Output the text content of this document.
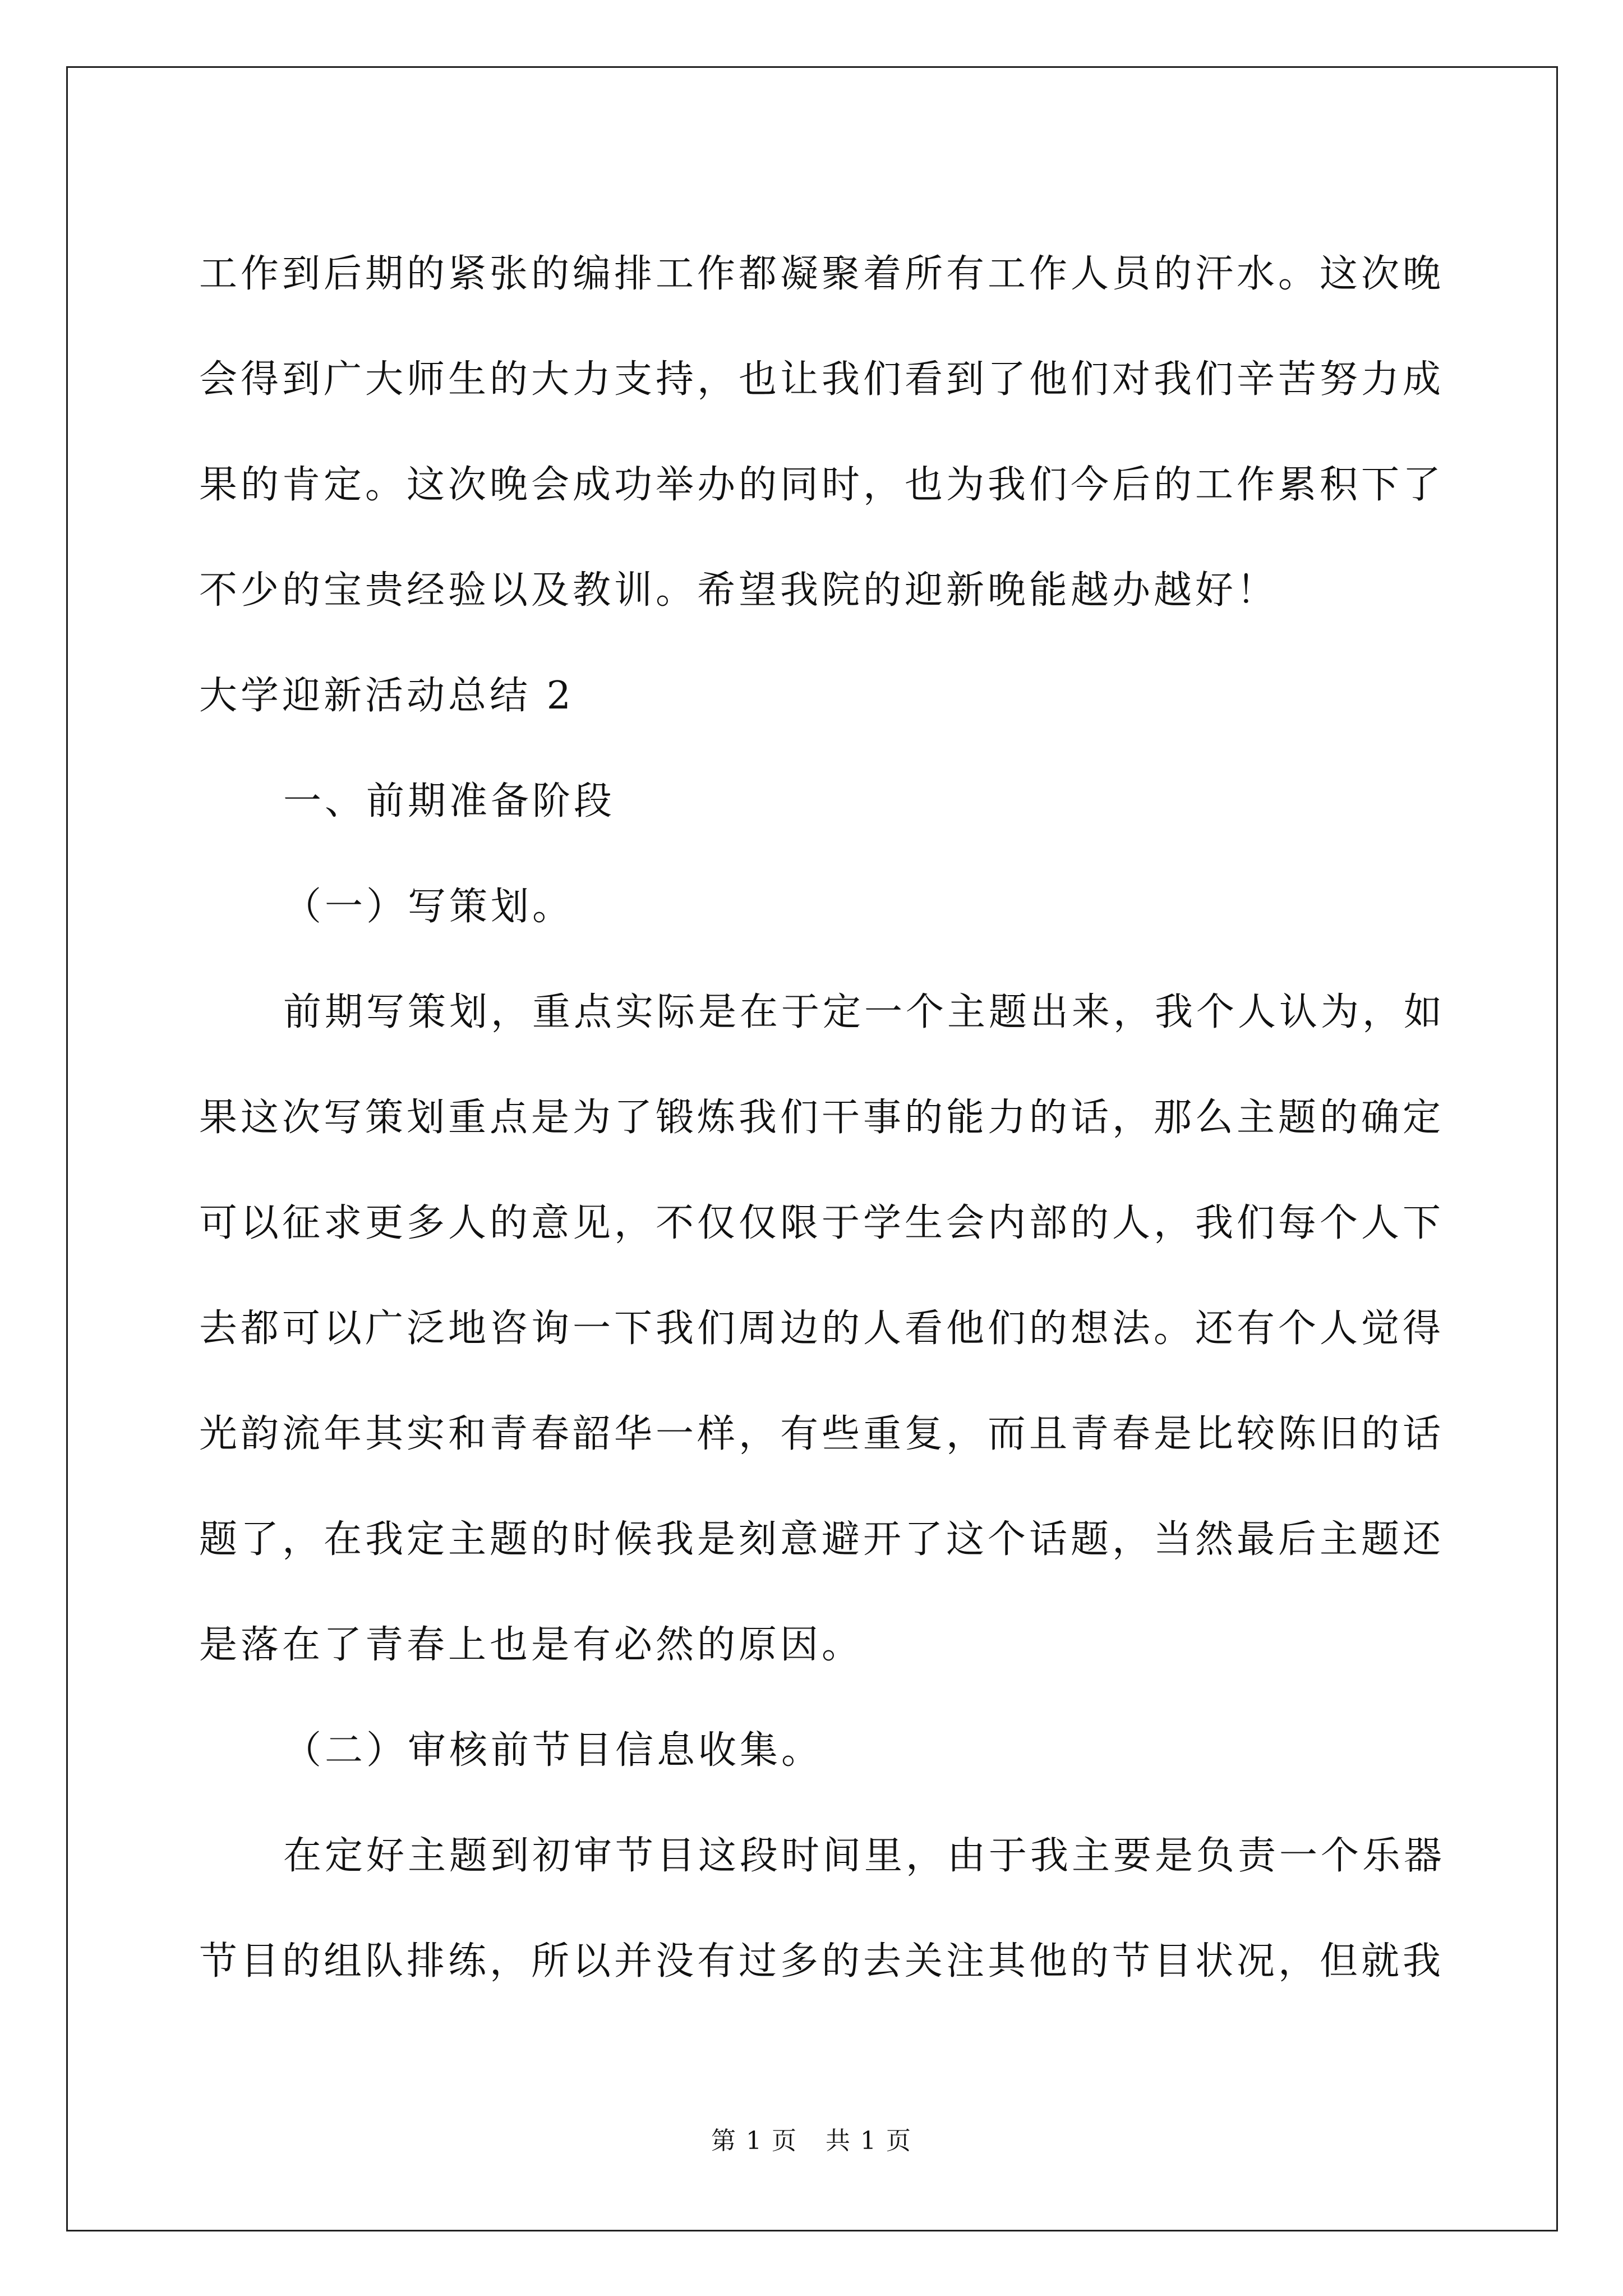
工作到后期的紧张的编排工作都凝聚着所有工作人员的汗水。这次晚
会得到广大师生的大力支持，也让我们看到了他们对我们辛苦努力成
果的肯定。这次晚会成功举办的同时，也为我们今后的工作累积下了
不少的宝贵经验以及教训。希望我院的迎新晚能越办越好！
大学迎新活动总结 2
一、前期准备阶段
（一）写策划。
前期写策划，重点实际是在于定一个主题出来，我个人认为，如
果这次写策划重点是为了锻炼我们干事的能力的话，那么主题的确定
可以征求更多人的意见，不仅仅限于学生会内部的人，我们每个人下
去都可以广泛地咨询一下我们周边的人看他们的想法。还有个人觉得
光韵流年其实和青春韶华一样，有些重复，而且青春是比较陈旧的话
题了，在我定主题的时候我是刻意避开了这个话题，当然最后主题还
是落在了青春上也是有必然的原因。
（二）审核前节目信息收集。
在定好主题到初审节目这段时间里，由于我主要是负责一个乐器
节目的组队排练，所以并没有过多的去关注其他的节目状况，但就我
第 1 页 共 1 页
